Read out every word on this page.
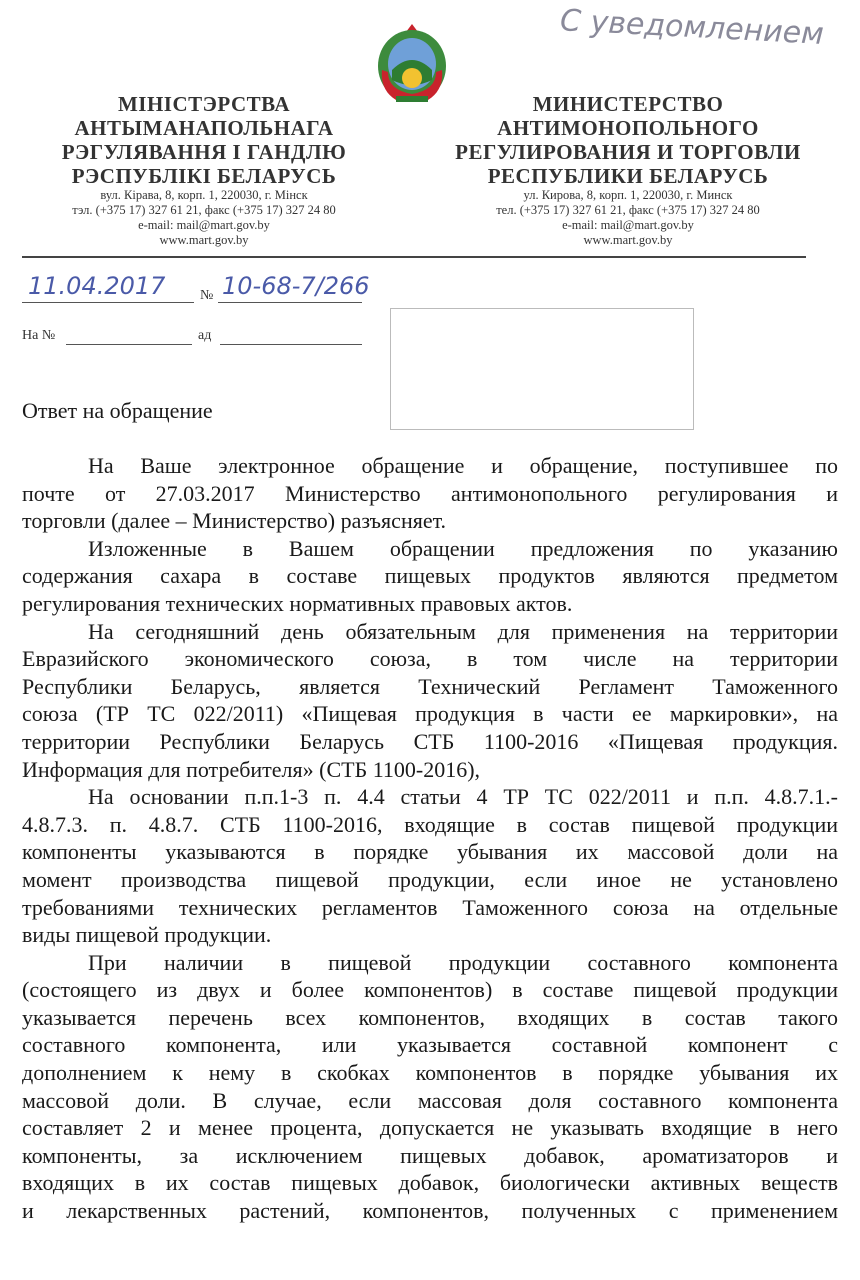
С уведомлением
МІНІСТЭРСТВА
АНТЫМАНАПОЛЬНАГА
РЭГУЛЯВАННЯ І ГАНДЛЮ
РЭСПУБЛІКІ БЕЛАРУСЬ
вул. Кірава, 8, корп. 1, 220030, г. Мінск
тэл. (+375 17) 327 61 21, факс (+375 17) 327 24 80
e-mail: mail@mart.gov.by
www.mart.gov.by
МИНИСТЕРСТВО
АНТИМОНОПОЛЬНОГО
РЕГУЛИРОВАНИЯ И ТОРГОВЛИ
РЕСПУБЛИКИ БЕЛАРУСЬ
ул. Кирова, 8, корп. 1, 220030, г. Минск
тел. (+375 17) 327 61 21, факс (+375 17) 327 24 80
e-mail: mail@mart.gov.by
www.mart.gov.by
11.04.2017 № 10-68-7/266
На №	ад
Ответ на обращение
На Ваше электронное обращение и обращение, поступившее по
почте от 27.03.2017 Министерство антимонопольного регулирования и
торговли (далее – Министерство) разъясняет.
Изложенные в Вашем обращении предложения по указанию
содержания сахара в составе пищевых продуктов являются предметом
регулирования технических нормативных правовых актов.
На сегодняшний день обязательным для применения на территории
Евразийского экономического союза, в том числе на территории
Республики Беларусь, является Технический Регламент Таможенного
союза (ТР ТС 022/2011) «Пищевая продукция в части ее маркировки», на
территории Республики Беларусь СТБ 1100-2016 «Пищевая продукция.
Информация для потребителя» (СТБ 1100-2016),
На основании п.п.1-3 п. 4.4 статьи 4 ТР ТС 022/2011 и п.п. 4.8.7.1.-
4.8.7.3. п. 4.8.7. СТБ 1100-2016, входящие в состав пищевой продукции
компоненты указываются в порядке убывания их массовой доли на
момент производства пищевой продукции, если иное не установлено
требованиями технических регламентов Таможенного союза на отдельные
виды пищевой продукции.
При наличии в пищевой продукции составного компонента
(состоящего из двух и более компонентов) в составе пищевой продукции
указывается перечень всех компонентов, входящих в состав такого
составного компонента, или указывается составной компонент с
дополнением к нему в скобках компонентов в порядке убывания их
массовой доли. В случае, если массовая доля составного компонента
составляет 2 и менее процента, допускается не указывать входящие в него
компоненты, за исключением пищевых добавок, ароматизаторов и
входящих в их состав пищевых добавок, биологически активных веществ
и лекарственных растений, компонентов, полученных с применением
